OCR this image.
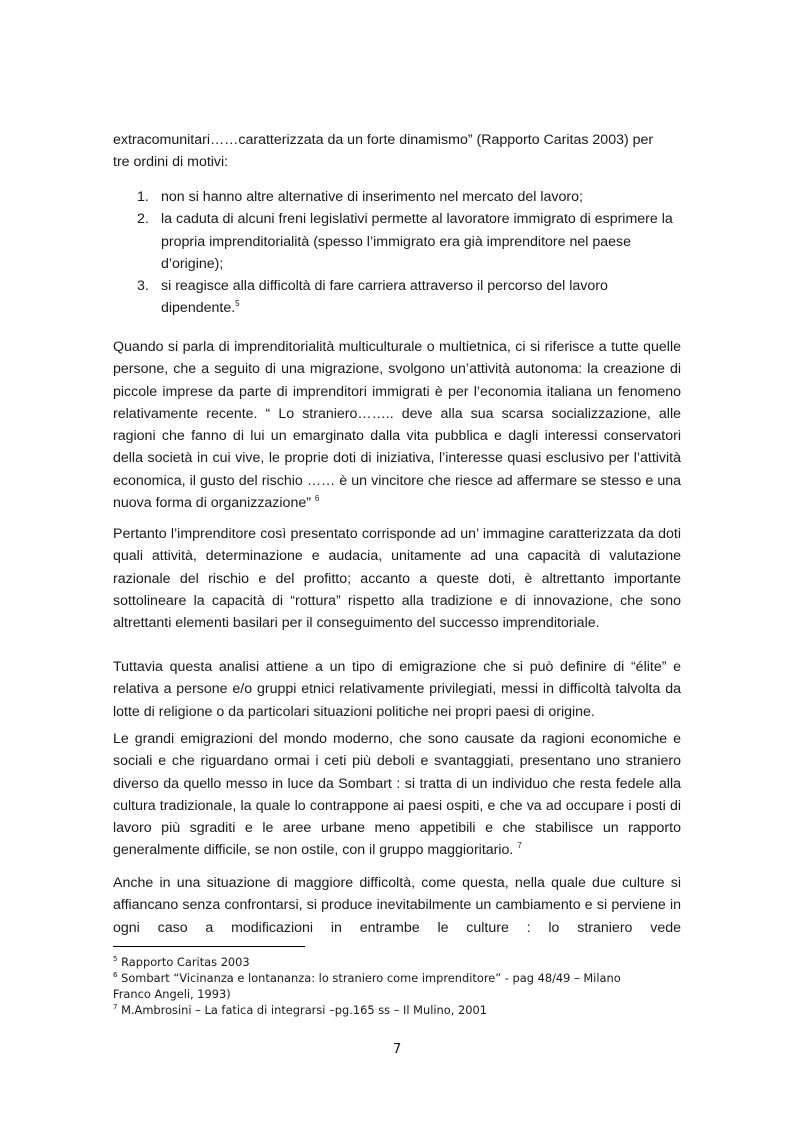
extracomunitari……caratterizzata da un forte dinamismo” (Rapporto Caritas 2003) per
tre ordini di motivi:
1. non si hanno altre alternative di inserimento nel mercato del lavoro;
2. la caduta di alcuni freni legislativi permette al lavoratore immigrato di esprimere la propria imprenditorialità (spesso l’immigrato era già imprenditore nel paese d’origine);
3. si reagisce alla difficoltà di fare carriera attraverso il percorso del lavoro dipendente.$^5$

Quando si parla di imprenditorialità multiculturale o multietnica, ci si riferisce a tutte quelle persone, che a seguito di una migrazione, svolgono un’attività autonoma: la creazione di piccole imprese da parte di imprenditori immigrati è per l’economia italiana un fenomeno relativamente recente. “ Lo straniero…….. deve alla sua scarsa socializzazione, alle ragioni che fanno di lui un emarginato dalla vita pubblica e dagli interessi conservatori della società in cui vive, le proprie doti di iniziativa, l’interesse quasi esclusivo per l’attività economica, il gusto del rischio …… è un vincitore che riesce ad affermare se stesso e una nuova forma di organizzazione” $^6$

Pertanto l’imprenditore così presentato corrisponde ad un’ immagine caratterizzata da doti quali attività, determinazione e audacia, unitamente ad una capacità di valutazione razionale del rischio e del profitto; accanto a queste doti, è altrettanto importante sottolineare la capacità di “rottura” rispetto alla tradizione e di innovazione, che sono altrettanti elementi basilari per il conseguimento del successo imprenditoriale.

Tuttavia questa analisi attiene a un tipo di emigrazione che si può definire di “élite” e relativa a persone e/o gruppi etnici relativamente privilegiati, messi in difficoltà talvolta da lotte di religione o da particolari situazioni politiche nei propri paesi di origine.

Le grandi emigrazioni del mondo moderno, che sono causate da ragioni economiche e sociali e che riguardano ormai i ceti più deboli e svantaggiati, presentano uno straniero diverso da quello messo in luce da Sombart : si tratta di un individuo che resta fedele alla cultura tradizionale, la quale lo contrappone ai paesi ospiti, e che va ad occupare i posti di lavoro più sgraditi e le aree urbane meno appetibili e che stabilisce un rapporto generalmente difficile, se non ostile, con il gruppo maggioritario. $^7$

Anche in una situazione di maggiore difficoltà, come questa, nella quale due culture si affiancano senza confrontarsi, si produce inevitabilmente un cambiamento e si perviene in ogni caso a modificazioni in entrambe le culture : lo straniero vede

$^5$ Rapporto Caritas 2003
$^6$ Sombart “Vicinanza e lontananza: lo straniero come imprenditore” - pag 48/49 – Milano Franco Angeli, 1993)
$^7$ M.Ambrosini – La fatica di integrarsi –pg.165 ss – Il Mulino, 2001
7
